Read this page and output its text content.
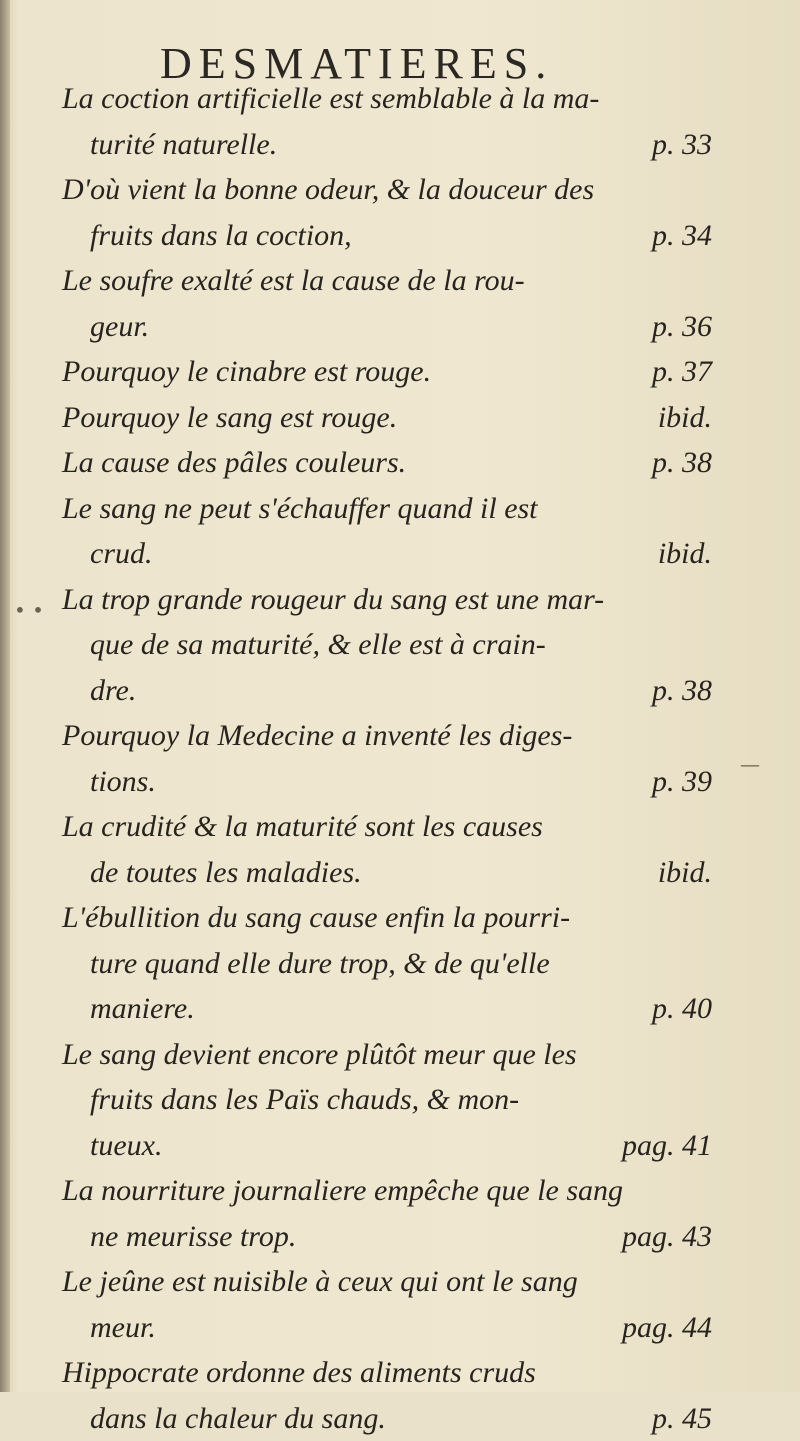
DESMATIERES.
La coction artificielle est semblable à la ma-
turité naturelle.	p. 33
D'où vient la bonne odeur, & la douceur des
fruits dans la coction,	p. 34
Le soufre exalté est la cause de la rou-
geur.	p. 36
Pourquoy le cinabre est rouge.	p. 37
Pourquoy le sang est rouge.	ibid.
La cause des pâles couleurs.	p. 38
Le sang ne peut s'échauffer quand il est
crud.	ibid.
La trop grande rougeur du sang est une mar-
que de sa maturité, & elle est à crain-
dre.	p. 38
Pourquoy la Medecine a inventé les diges-
tions.	p. 39
La crudité & la maturité sont les causes
de toutes les maladies.	ibid.
L'ébullition du sang cause enfin la pourri-
ture quand elle dure trop, & de qu'elle
maniere.	p. 40
Le sang devient encore plûtôt meur que les
fruits dans les Païs chauds, & mon-
tueux.	pag. 41
La nourriture journaliere empêche que le sang
ne meurisse trop.	pag. 43
Le jeûne est nuisible à ceux qui ont le sang
meur.	pag. 44
Hippocrate ordonne des aliments cruds
dans la chaleur du sang.	p. 45
• •
—
